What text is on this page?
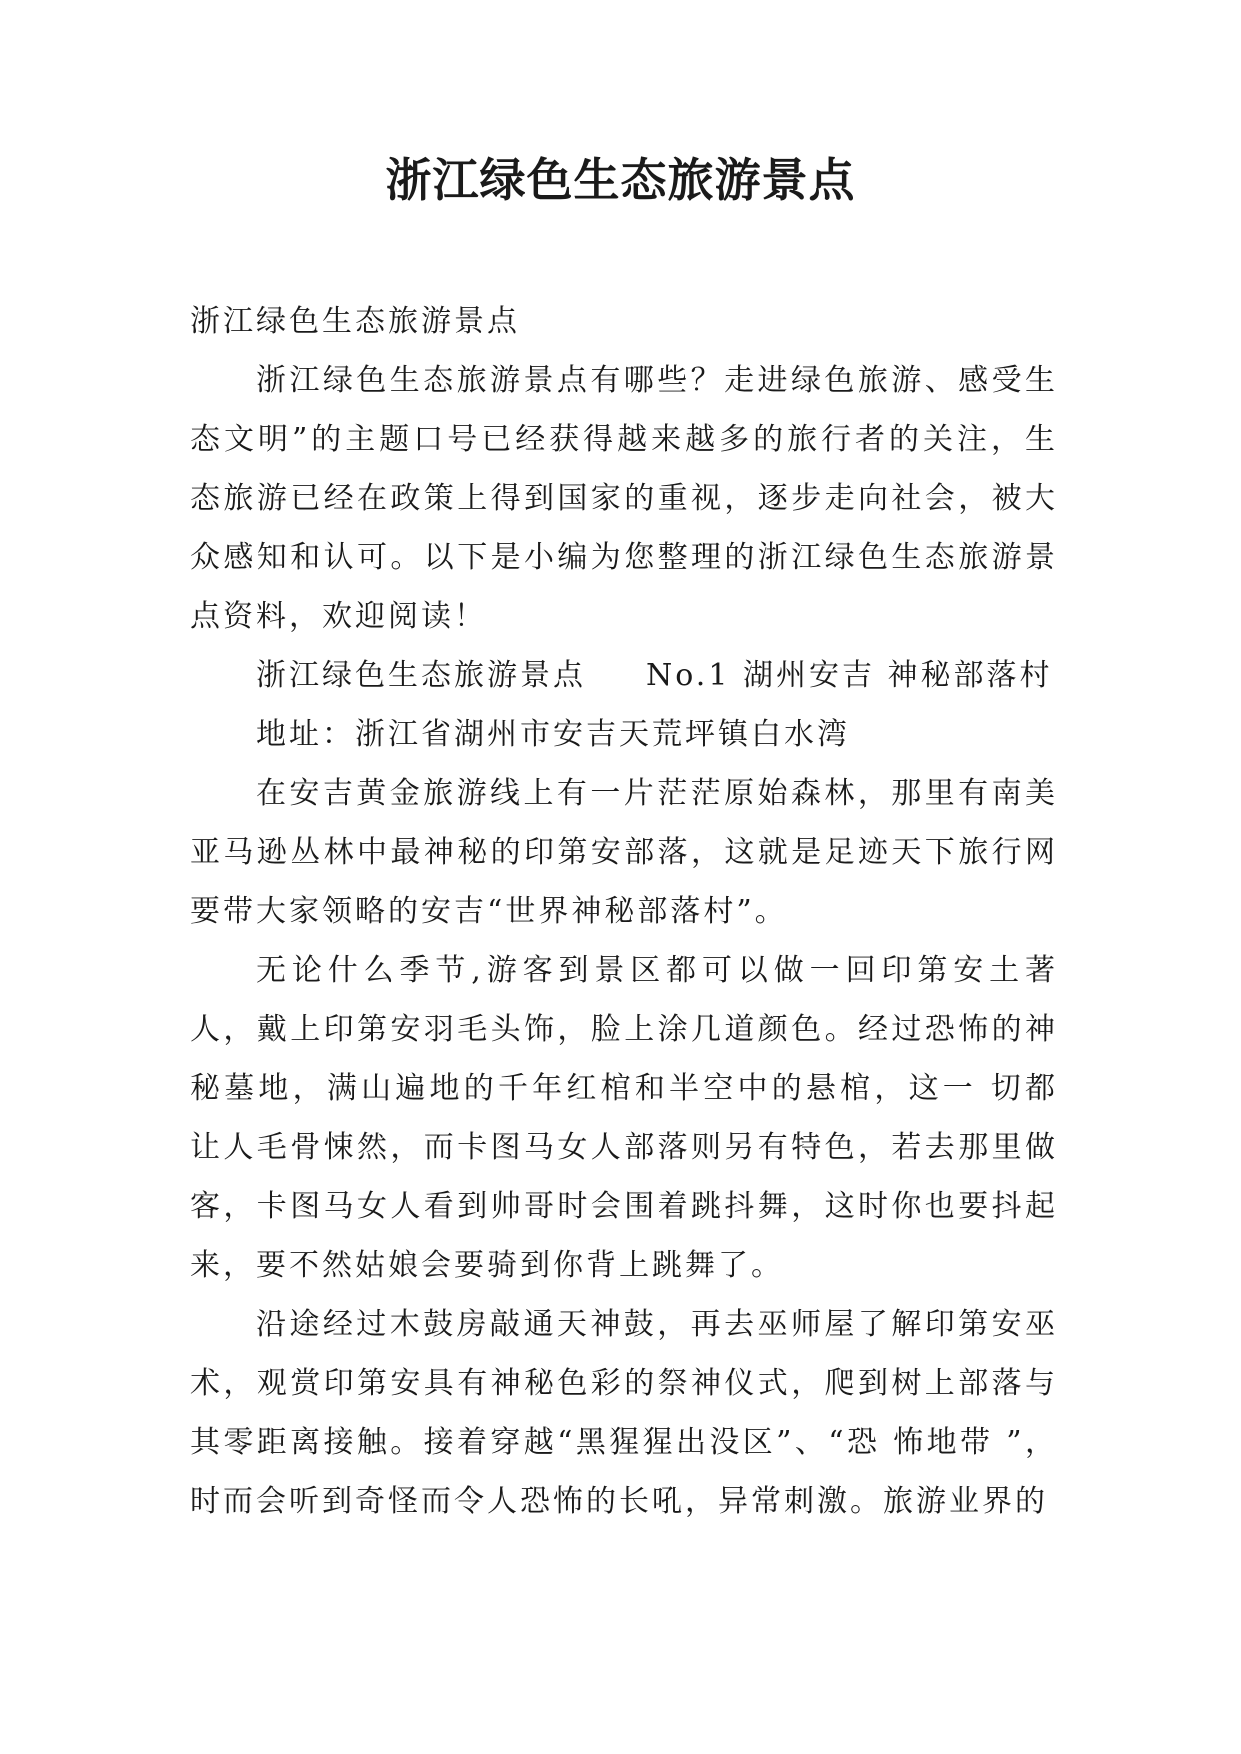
浙江绿色生态旅游景点

浙江绿色生态旅游景点

浙江绿色生态旅游景点有哪些？走进绿色旅游、感受生态文明”的主题口号已经获得越来越多的旅行者的关注，生态旅游已经在政策上得到国家的重视，逐步走向社会，被大众感知和认可。以下是小编为您整理的浙江绿色生态旅游景点资料，欢迎阅读！

浙江绿色生态旅游景点 No.1 湖州安吉 神秘部落村

地址：浙江省湖州市安吉天荒坪镇白水湾

在安吉黄金旅游线上有一片茫茫原始森林，那里有南美亚马逊丛林中最神秘的印第安部落，这就是足迹天下旅行网要带大家领略的安吉“世界神秘部落村”。

无论什么季节,游客到景区都可以做一回印第安土著人，戴上印第安羽毛头饰，脸上涂几道颜色。经过恐怖的神秘墓地，满山遍地的千年红棺和半空中的悬棺，这一 切都让人毛骨悚然，而卡图马女人部落则另有特色，若去那里做客，卡图马女人看到帅哥时会围着跳抖舞，这时你也要抖起来，要不然姑娘会要骑到你背上跳舞了。

沿途经过木鼓房敲通天神鼓，再去巫师屋了解印第安巫术，观赏印第安具有神秘色彩的祭神仪式，爬到树上部落与其零距离接触。接着穿越“黑猩猩出没区”、“恐 怖地带 ”，时而会听到奇怪而令人恐怖的长吼，异常刺激。旅游业界的
